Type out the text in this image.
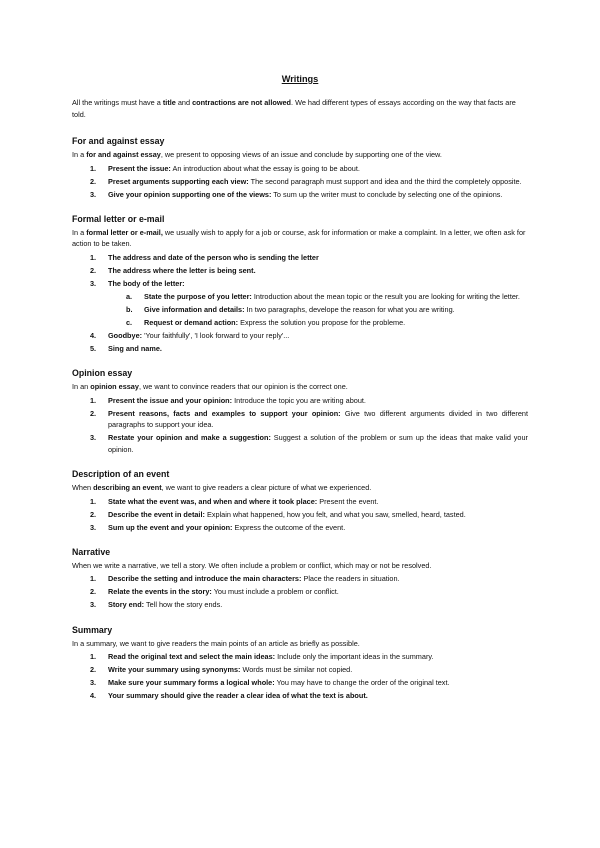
Writings
All the writings must have a title and contractions are not allowed. We had different types of essays according on the way that facts are told.
For and against essay
In a for and against essay, we present to opposing views of an issue and conclude by supporting one of the view.
1. Present the issue: An introduction about what the essay is going to be about.
2. Preset arguments supporting each view: The second paragraph must support and idea and the third the completely opposite.
3. Give your opinion supporting one of the views: To sum up the writer must to conclude by selecting one of the opinions.
Formal letter or e-mail
In a formal letter or e-mail, we usually wish to apply for a job or course, ask for information or make a complaint. In a letter, we often ask for action to be taken.
1. The address and date of the person who is sending the letter
2. The address where the letter is being sent.
3. The body of the letter:
a. State the purpose of you letter: Introduction about the mean topic or the result you are looking for writing the letter.
b. Give information and details: In two paragraphs, develope the reason for what you are writing.
c. Request or demand action: Express the solution you propose for the probleme.
4. Goodbye: 'Your faithfully', 'I look forward to your reply'...
5. Sing and name.
Opinion essay
In an opinion essay, we want to convince readers that our opinion is the correct one.
1. Present the issue and your opinion: Introduce the topic you are writing about.
2. Present reasons, facts and examples to support your opinion: Give two different arguments divided in two different paragraphs to support your idea.
3. Restate your opinion and make a suggestion: Suggest a solution of the problem or sum up the ideas that make valid your opinion.
Description of an event
When describing an event, we want to give readers a clear picture of what we experienced.
1. State what the event was, and when and where it took place: Present the event.
2. Describe the event in detail: Explain what happened, how you felt, and what you saw, smelled, heard, tasted.
3. Sum up the event and your opinion: Express the outcome of the event.
Narrative
When we write a narrative, we tell a story. We often include a problem or conflict, which may or not be resolved.
1. Describe the setting and introduce the main characters: Place the readers in situation.
2. Relate the events in the story: You must include a problem or conflict.
3. Story end: Tell how the story ends.
Summary
In a summary, we want to give readers the main points of an article as briefly as possible.
1. Read the original text and select the main ideas: Include only the important ideas in the summary.
2. Write your summary using synonyms: Words must be similar not copied.
3. Make sure your summary forms a logical whole: You may have to change the order of the original text.
4. Your summary should give the reader a clear idea of what the text is about.
